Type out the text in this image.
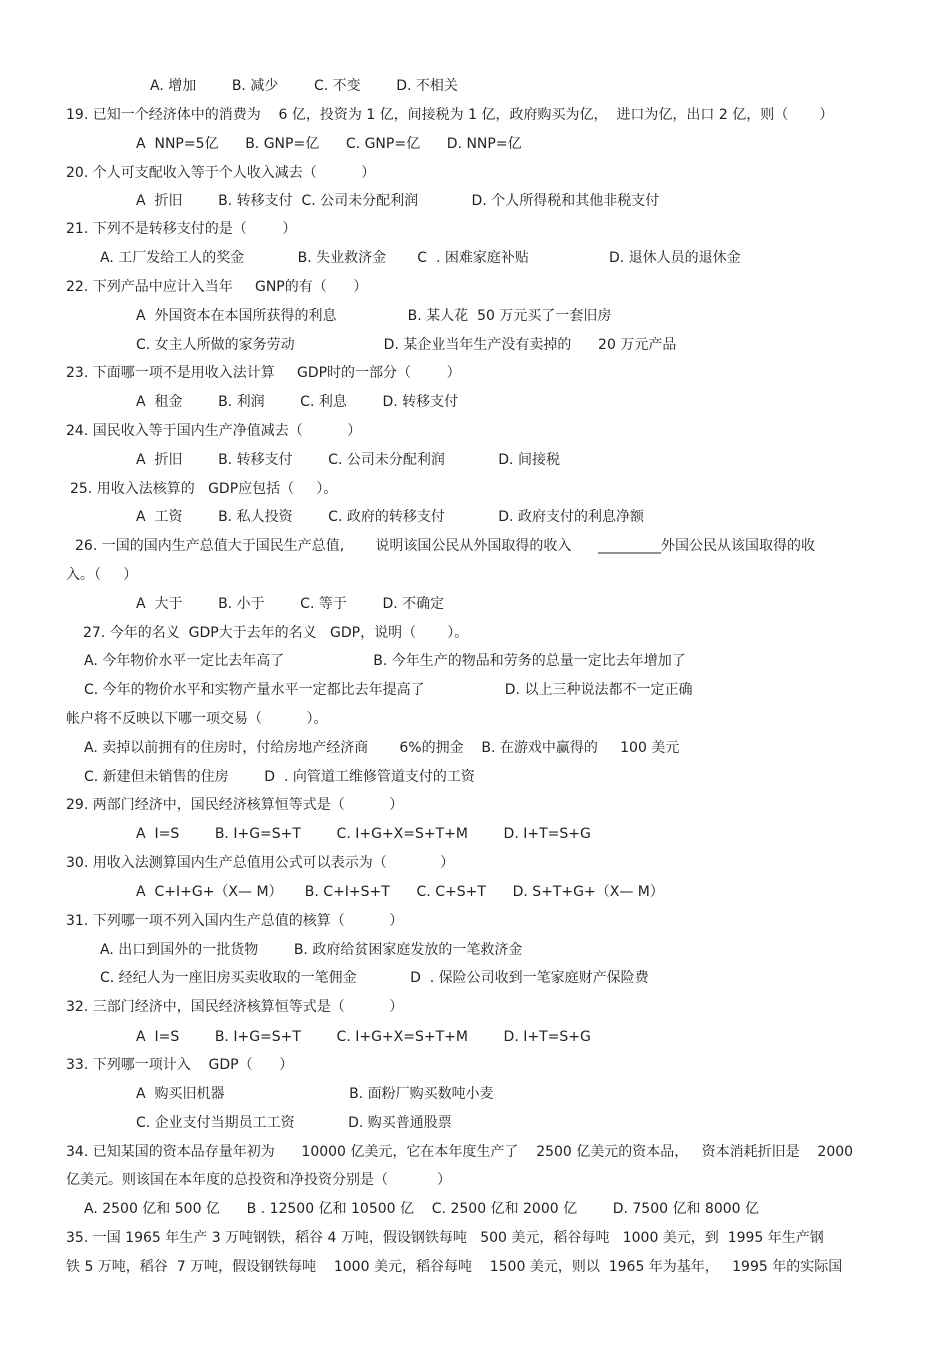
A. 增加        B. 减少        C. 不变        D. 不相关
19. 已知一个经济体中的消费为    6 亿，投资为 1 亿，间接税为 1 亿，政府购买为亿，  进口为亿，出口 2 亿，则（       ）
A  NNP=5亿      B. GNP=亿      C. GNP=亿      D. NNP=亿
20. 个人可支配收入等于个人收入减去（          ）
A  折旧        B. 转移支付  C. 公司未分配利润            D. 个人所得税和其他非税支付
21. 下列不是转移支付的是（        ）
A. 工厂发给工人的奖金            B. 失业救济金       C  . 困难家庭补贴                  D. 退休人员的退休金
22. 下列产品中应计入当年     GNP的有（      ）
A  外国资本在本国所获得的利息                B. 某人花  50 万元买了一套旧房
C. 女主人所做的家务劳动                    D. 某企业当年生产没有卖掉的      20 万元产品
23. 下面哪一项不是用收入法计算     GDP时的一部分（        ）
A  租金        B. 利润        C. 利息        D. 转移支付
24. 国民收入等于国内生产净值减去（          ）
A  折旧        B. 转移支付        C. 公司未分配利润            D. 间接税
25. 用收入法核算的   GDP应包括（     ）。
A  工资        B. 私人投资        C. 政府的转移支付            D. 政府支付的利息净额
26. 一国的国内生产总值大于国民生产总值,       说明该国公民从外国取得的收入      _________外国公民从该国取得的收
入。（     ）
A  大于        B. 小于        C. 等于        D. 不确定
27. 今年的名义  GDP大于去年的名义   GDP，说明（       ）。
A. 今年物价水平一定比去年高了                    B. 今年生产的物品和劳务的总量一定比去年增加了
C. 今年的物价水平和实物产量水平一定都比去年提高了                  D. 以上三种说法都不一定正确
帐户将不反映以下哪一项交易（          ）。
A. 卖掉以前拥有的住房时，付给房地产经济商       6%的拥金    B. 在游戏中赢得的     100 美元
C. 新建但未销售的住房        D  . 向管道工维修管道支付的工资
29. 两部门经济中，国民经济核算恒等式是（          ）
A  I=S        B. I+G=S+T        C. I+G+X=S+T+M        D. I+T=S+G
30. 用收入法测算国内生产总值用公式可以表示为（            ）
A  C+I+G+（X— M）     B. C+I+S+T      C. C+S+T      D. S+T+G+（X— M）
31. 下列哪一项不列入国内生产总值的核算（          ）
A. 出口到国外的一批货物        B. 政府给贫困家庭发放的一笔救济金
C. 经纪人为一座旧房买卖收取的一笔佣金            D  . 保险公司收到一笔家庭财产保险费
32. 三部门经济中，国民经济核算恒等式是（          ）
A  I=S        B. I+G=S+T        C. I+G+X=S+T+M        D. I+T=S+G
33. 下列哪一项计入    GDP（      ）
A  购买旧机器                            B. 面粉厂购买数吨小麦
C. 企业支付当期员工工资            D. 购买普通股票
34. 已知某国的资本品存量年初为      10000 亿美元，它在本年度生产了    2500 亿美元的资本品，   资本消耗折旧是    2000
亿美元。则该国在本年度的总投资和净投资分别是（           ）
A. 2500 亿和 500 亿      B . 12500 亿和 10500 亿    C. 2500 亿和 2000 亿        D. 7500 亿和 8000 亿
35. 一国 1965 年生产 3 万吨钢铁，稻谷 4 万吨，假设钢铁每吨   500 美元，稻谷每吨   1000 美元，到  1995 年生产钢
铁 5 万吨，稻谷  7 万吨，假设钢铁每吨    1000 美元，稻谷每吨    1500 美元，则以  1965 年为基年，   1995 年的实际国
